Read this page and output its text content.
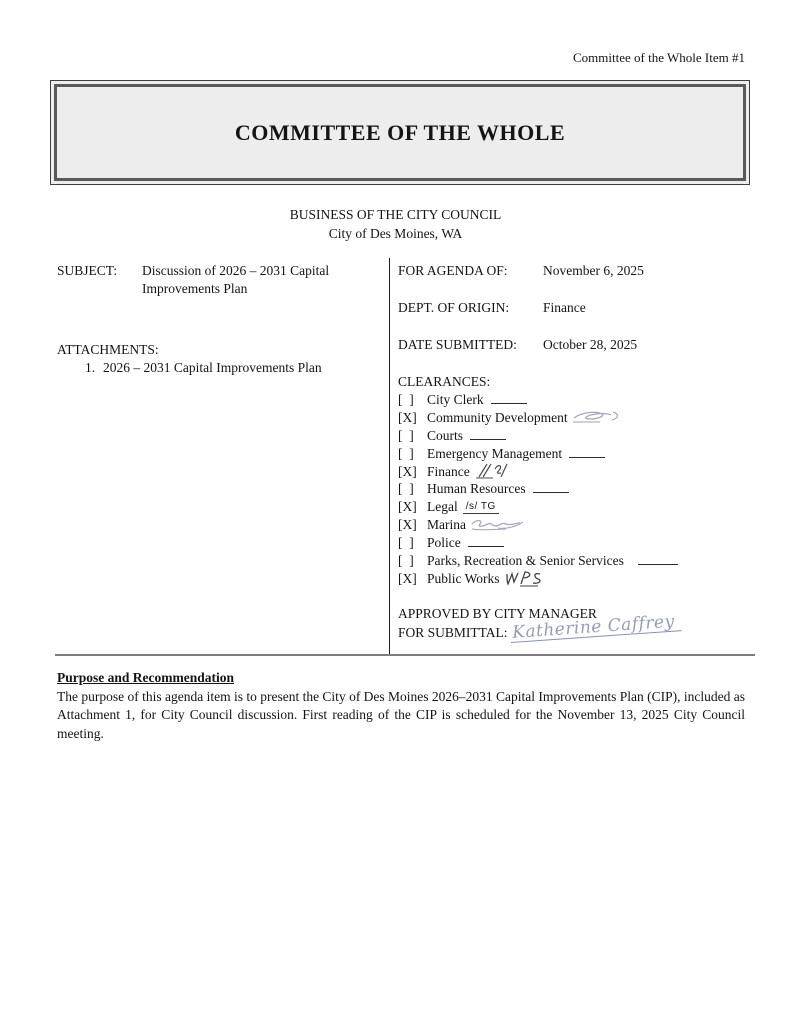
Committee of the Whole Item #1
COMMITTEE OF THE WHOLE
BUSINESS OF THE CITY COUNCIL
City of Des Moines, WA
SUBJECT:	Discussion of 2026 – 2031 Capital Improvements Plan
ATTACHMENTS:
1. 2026 – 2031 Capital Improvements Plan
FOR AGENDA OF:	November 6, 2025
DEPT. OF ORIGIN:	Finance
DATE SUBMITTED: October 28, 2025
CLEARANCES:
[  ] City Clerk
[X] Community Development
[  ] Courts
[  ] Emergency Management
[X] Finance
[  ] Human Resources
[X] Legal /s/ TG
[X] Marina
[  ] Police
[  ] Parks, Recreation & Senior Services
[X] Public Works
APPROVED BY CITY MANAGER
FOR SUBMITTAL: Katherine Caffrey
Purpose and Recommendation

The purpose of this agenda item is to present the City of Des Moines 2026–2031 Capital Improvements Plan (CIP), included as Attachment 1, for City Council discussion. First reading of the CIP is scheduled for the November 13, 2025 City Council meeting.
